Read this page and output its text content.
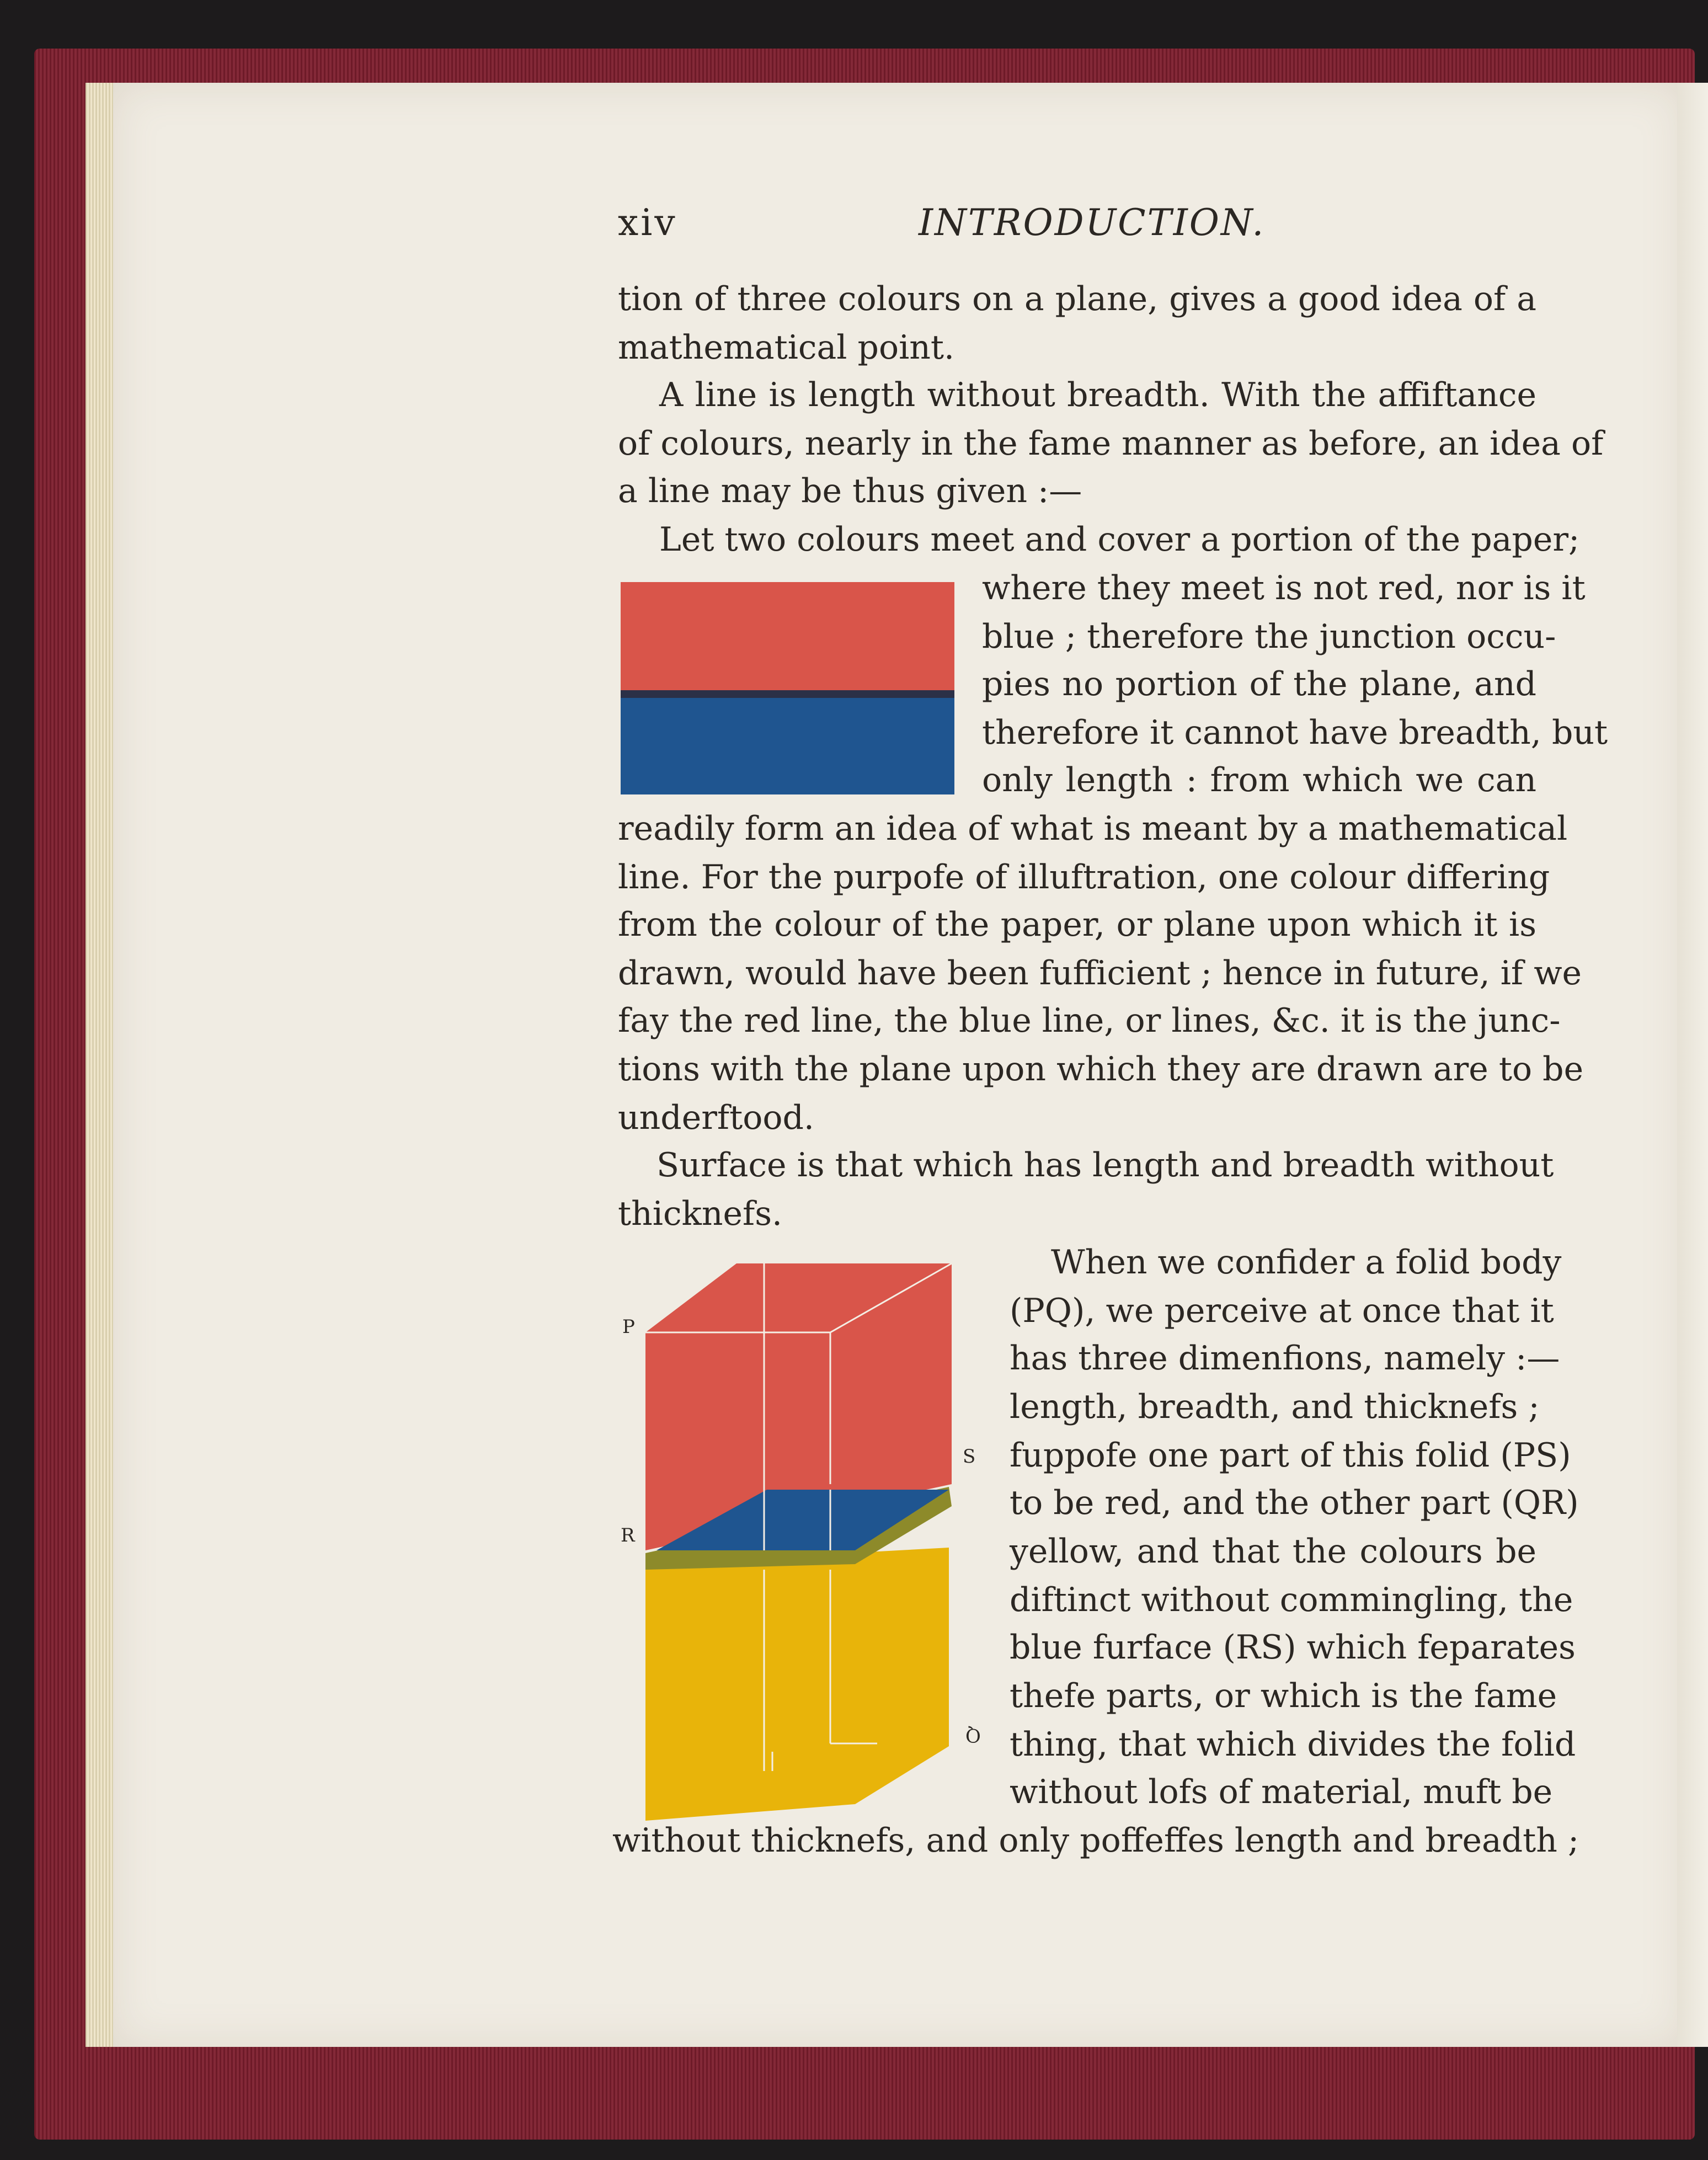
xiv	INTRODUCTION.

tion of three colours on a plane, gives a good idea of a

mathematical point.

A line is length without breadth. With the affiftance

of colours, nearly in the fame manner as before, an idea of

a line may be thus given :—

Let two colours meet and cover a portion of the paper;

where they meet is not red, nor is it

blue ; therefore the junction occu-

pies no portion of the plane, and

therefore it cannot have breadth, but

only length : from which we can

readily form an idea of what is meant by a mathematical

line. For the purpofe of illuftration, one colour differing

from the colour of the paper, or plane upon which it is

drawn, would have been fufficient ; hence in future, if we

fay the red line, the blue line, or lines, &c. it is the junc-

tions with the plane upon which they are drawn are to be

underftood.

Surface is that which has length and breadth without

thicknefs.

When we confider a folid body

(PQ), we perceive at once that it

has three dimenfions, namely :—

length, breadth, and thicknefs ;

fuppofe one part of this folid (PS)

to be red, and the other part (QR)

yellow, and that the colours be

diftinct without commingling, the

blue furface (RS) which feparates

thefe parts, or which is the fame

thing, that which divides the folid

without lofs of material, muft be

without thicknefs, and only poffeffes length and breadth ;

P

S

R

Q
